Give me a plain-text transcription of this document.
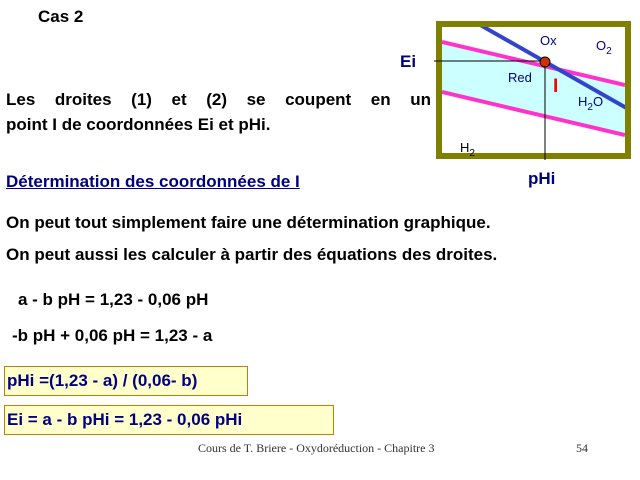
Cas 2
Les droites (1) et (2) se coupent en un
point I de coordonnées Ei et pHi.
Détermination des coordonnées de I
On peut tout simplement faire une détermination graphique.
On peut aussi les calculer à partir des équations des droites.
a - b pH = 1,23 - 0,06 pH
-b pH + 0,06 pH = 1,23 - a
pHi =(1,23 - a) / (0,06- b)
Ei = a - b pHi = 1,23 - 0,06 pHi
Cours de T. Briere - Oxydoréduction - Chapitre 3	54
Ei
pHi
Ox	$O_2$
Red I
$H_2O$
$H_2$
